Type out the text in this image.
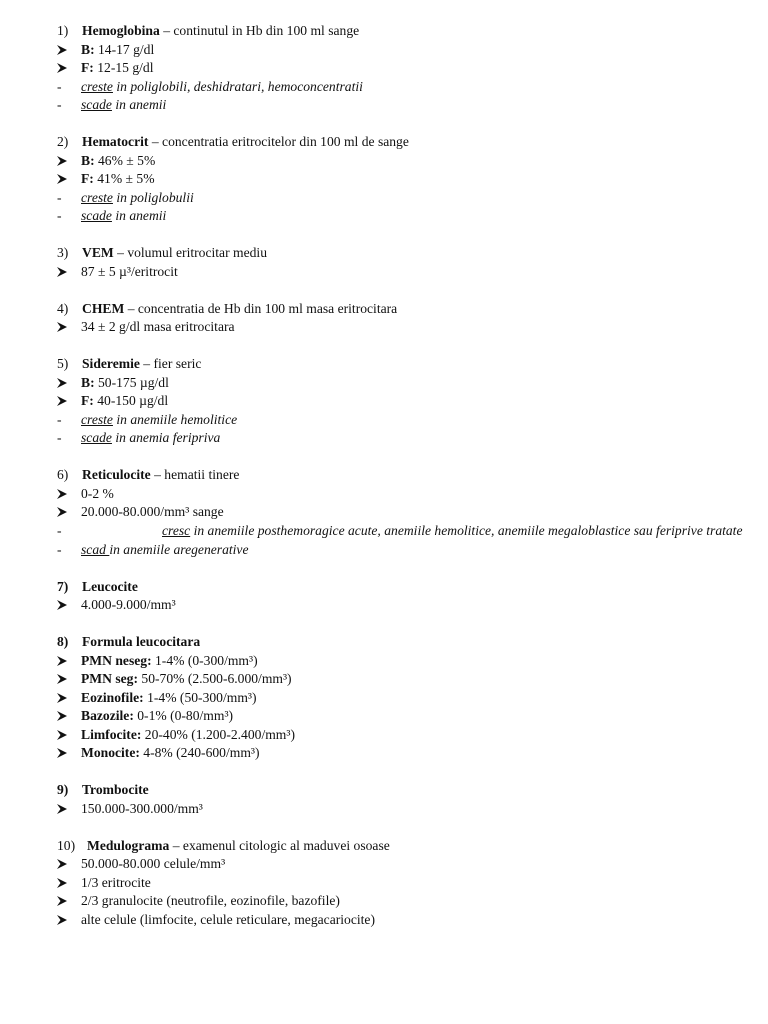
1) Hemoglobina – continutul in Hb din 100 ml sange
B: 14-17 g/dl
F: 12-15 g/dl
- creste in poliglobili, deshidratari, hemoconcentratii
- scade in anemii
2) Hematocrit – concentratia eritrocitelor din 100 ml de sange
B: 46% ± 5%
F: 41% ± 5%
- creste in poliglobulii
- scade in anemii
3) VEM – volumul eritrocitar mediu
87 ± 5 µ³/eritrocit
4) CHEM – concentratia de Hb din 100 ml masa eritrocitara
34 ± 2 g/dl masa eritrocitara
5) Sideremie – fier seric
B: 50-175 µg/dl
F: 40-150 µg/dl
- creste in anemiile hemolitice
- scade in anemia feripriva
6) Reticulocite – hematii tinere
0-2 %
20.000-80.000/mm³ sange
-	cresc in anemiile posthemoragice acute, anemiile hemolitice, anemiile megaloblastice sau feriprive tratate
- scad in anemiile aregenerative
7) Leucocite
4.000-9.000/mm³
8) Formula leucocitara
PMN neseg: 1-4% (0-300/mm³)
PMN seg: 50-70% (2.500-6.000/mm³)
Eozinofile: 1-4% (50-300/mm³)
Bazozile: 0-1% (0-80/mm³)
Limfocite: 20-40% (1.200-2.400/mm³)
Monocite: 4-8% (240-600/mm³)
9) Trombocite
150.000-300.000/mm³
10) Medulograma – examenul citologic al maduvei osoase
50.000-80.000 celule/mm³
1/3 eritrocite
2/3 granulocite (neutrofile, eozinofile, bazofile)
alte celule (limfocite, celule reticulare, megacariocite)
